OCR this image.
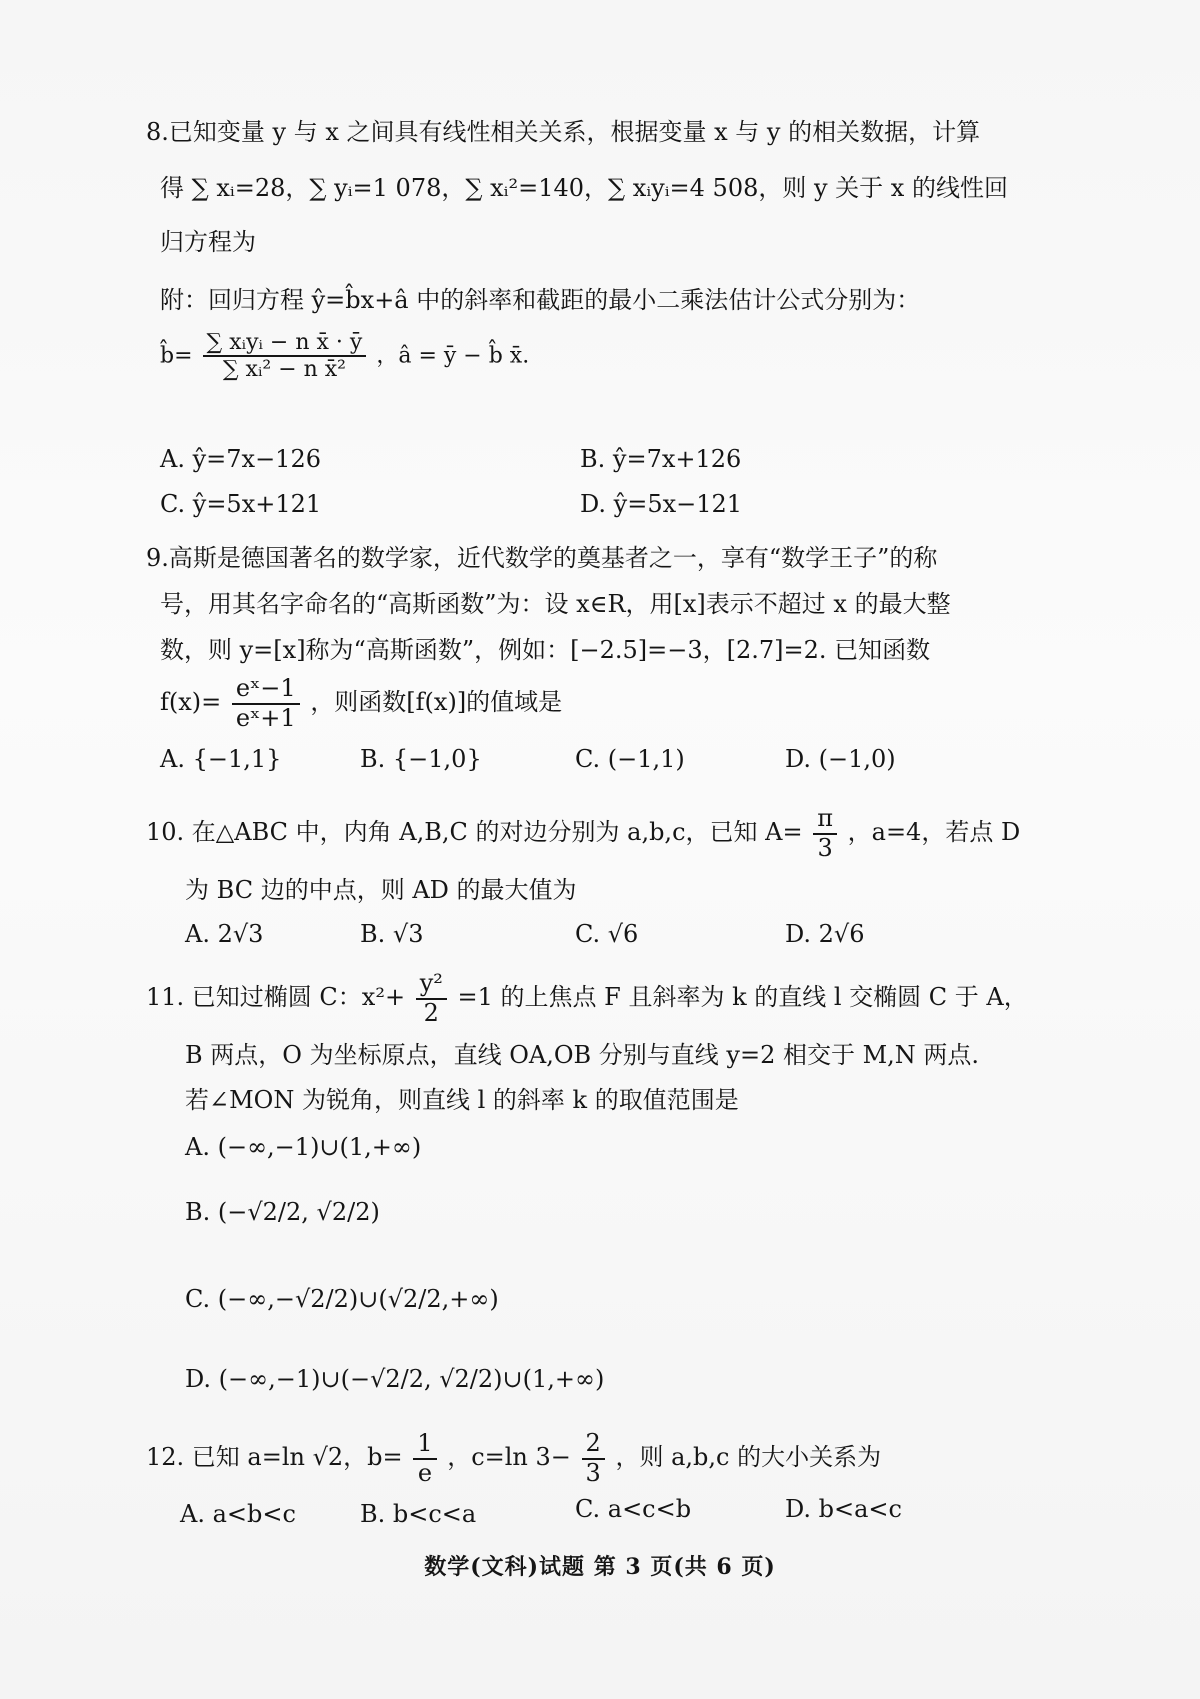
8.已知变量 y 与 x 之间具有线性相关关系，根据变量 x 与 y 的相关数据，计算
得 ∑ xᵢ=28，∑ yᵢ=1 078，∑ xᵢ²=140，∑ xᵢyᵢ=4 508，则 y 关于 x 的线性回
归方程为
附：回归方程 ŷ=b̂x+â 中的斜率和截距的最小二乘法估计公式分别为：
b̂= $\frac{\text{∑ xᵢyᵢ − n x̄ · ȳ}}{\text{∑ xᵢ² − n x̄²}}$ ，â = ȳ − b̂ x̄.
A. ŷ=7x−126	B. ŷ=7x+126
C. ŷ=5x+121	D. ŷ=5x−121
9.高斯是德国著名的数学家，近代数学的奠基者之一，享有“数学王子”的称
号，用其名字命名的“高斯函数”为：设 x∈R，用[x]表示不超过 x 的最大整
数，则 y=[x]称为“高斯函数”，例如：[−2.5]=−3，[2.7]=2. 已知函数
$f(x)= \frac{\text{eˣ−1}}{\text{eˣ+1}}$ ，则函数[f(x)]的值域是
A. {−1,1}	B. {−1,0}	C. (−1,1)	D. (−1,0)
10. 在△ABC 中，内角 A,B,C 的对边分别为 a,b,c，已知 $A= \frac{\pi}{3}$ ，a=4，若点 D
为 BC 边的中点，则 AD 的最大值为
A. 2√3	B. √3	C. √6	D. 2√6
11. 已知过椭圆 C：$x^2+ \frac{\text{y²}}{2} =1$ 的上焦点 F 且斜率为 k 的直线 l 交椭圆 C 于 A，
B 两点，O 为坐标原点，直线 OA,OB 分别与直线 y=2 相交于 M,N 两点.
若∠MON 为锐角，则直线 l 的斜率 k 的取值范围是
A. (−∞,−1)∪(1,+∞)
B. (−√2/2, √2/2)
C. (−∞,−√2/2)∪(√2/2,+∞)
D. (−∞,−1)∪(−√2/2, √2/2)∪(1,+∞)
12. 已知 a=ln √2，$b= \frac{1}{e}$ ，c=ln $3- \frac{2}{3}$ ，则 a,b,c 的大小关系为
A. a<b<c	B. b<c<a	C. a<c<b	D. b<a<c
数学(文科)试题 第 3 页(共 6 页)
